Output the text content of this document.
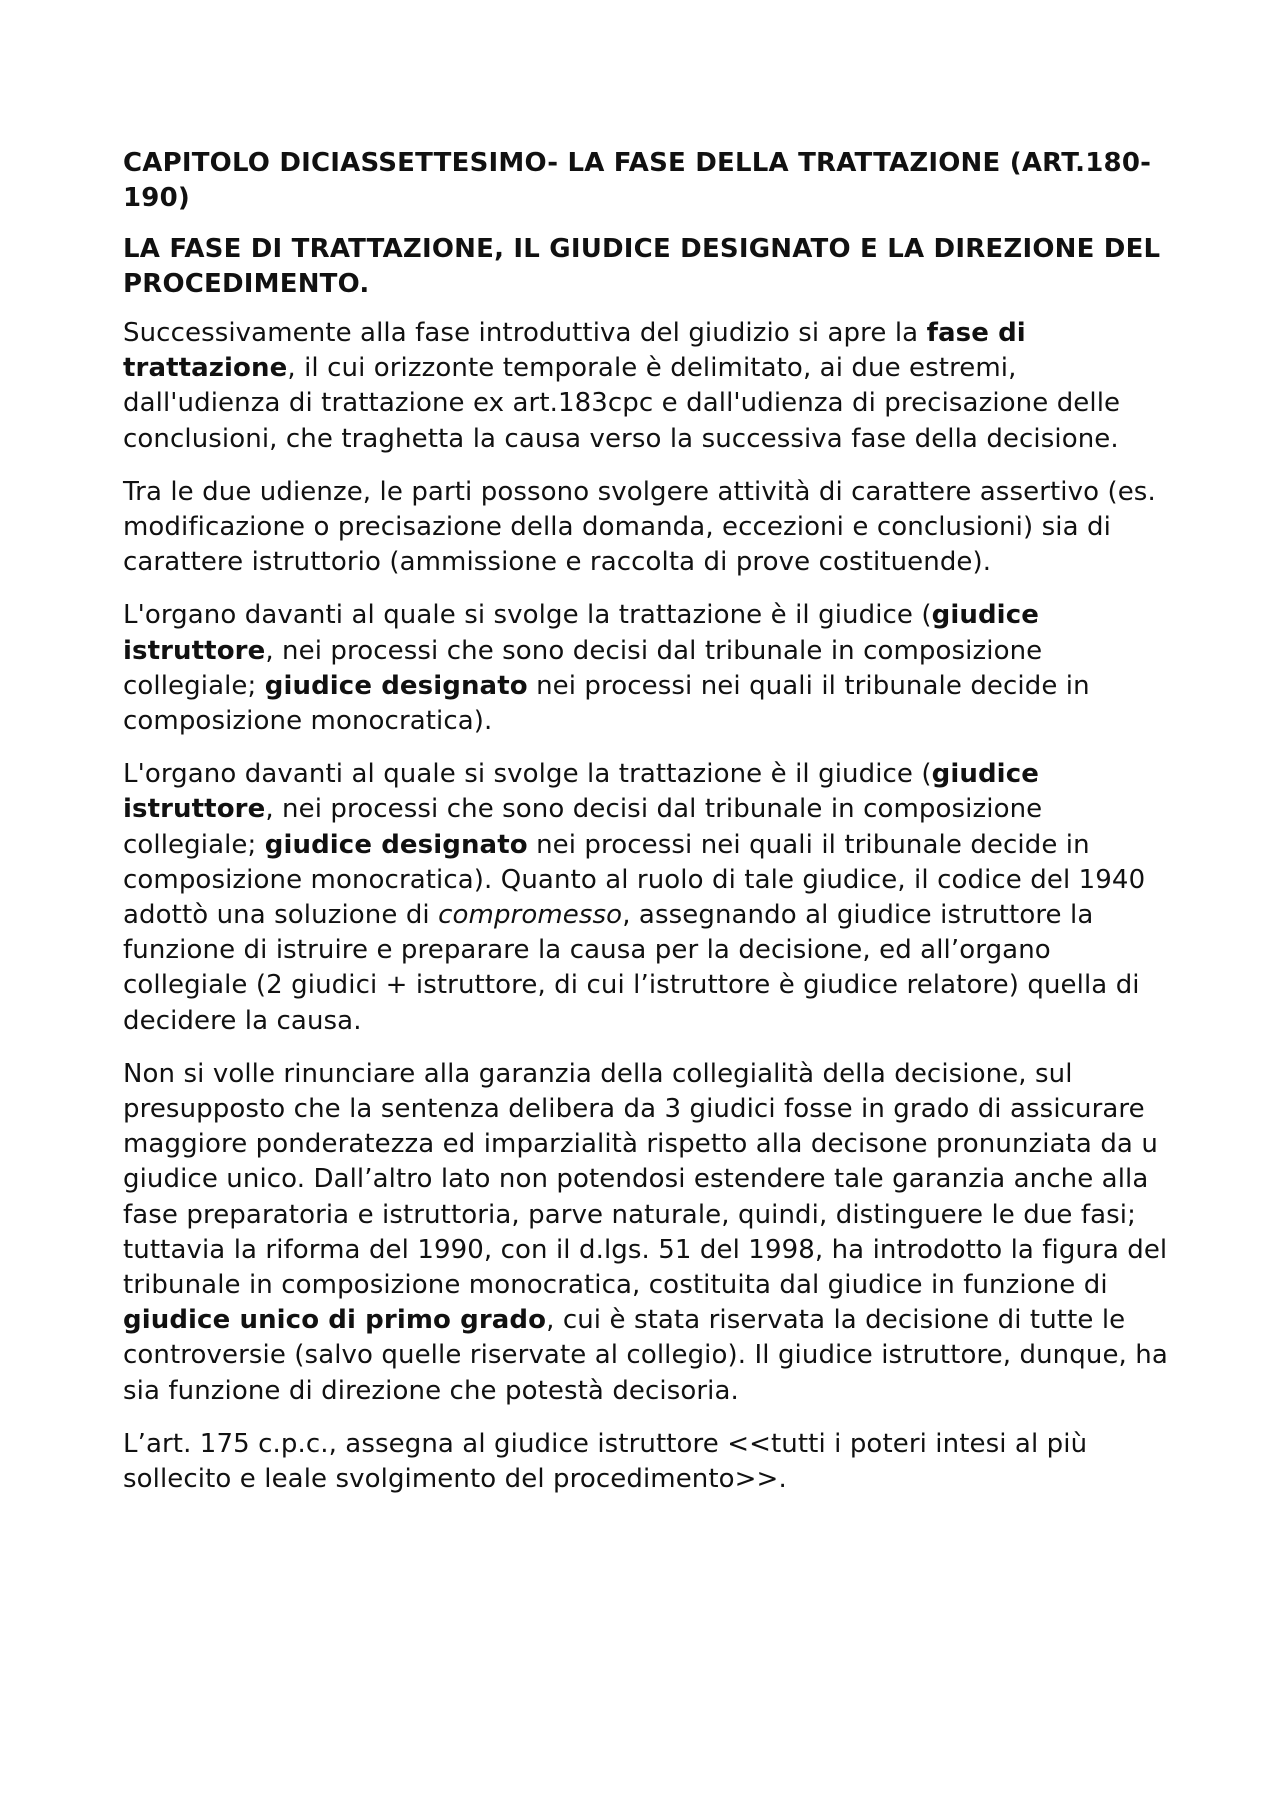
CAPITOLO DICIASSETTESIMO- LA FASE DELLA TRATTAZIONE (ART.180-190)
LA FASE DI TRATTAZIONE, IL GIUDICE DESIGNATO E LA DIREZIONE DEL PROCEDIMENTO.

Successivamente alla fase introduttiva del giudizio si apre la fase di trattazione, il cui orizzonte temporale è delimitato, ai due estremi, dall'udienza di trattazione ex art.183cpc e dall'udienza di precisazione delle conclusioni, che traghetta la causa verso la successiva fase della decisione.

Tra le due udienze, le parti possono svolgere attività di carattere assertivo (es. modificazione o precisazione della domanda, eccezioni e conclusioni) sia di carattere istruttorio (ammissione e raccolta di prove costituende).

L'organo davanti al quale si svolge la trattazione è il giudice (giudice istruttore, nei processi che sono decisi dal tribunale in composizione collegiale; giudice designato nei processi nei quali il tribunale decide in composizione monocratica).

L'organo davanti al quale si svolge la trattazione è il giudice (giudice istruttore, nei processi che sono decisi dal tribunale in composizione collegiale; giudice designato nei processi nei quali il tribunale decide in composizione monocratica). Quanto al ruolo di tale giudice, il codice del 1940 adottò una soluzione di compromesso, assegnando al giudice istruttore la funzione di istruire e preparare la causa per la decisione, ed all’organo collegiale (2 giudici + istruttore, di cui l’istruttore è giudice relatore) quella di decidere la causa.

Non si volle rinunciare alla garanzia della collegialità della decisione, sul presupposto che la sentenza delibera da 3 giudici fosse in grado di assicurare maggiore ponderatezza ed imparzialità rispetto alla decisone pronunziata da u giudice unico. Dall’altro lato non potendosi estendere tale garanzia anche alla fase preparatoria e istruttoria, parve naturale, quindi, distinguere le due fasi; tuttavia la riforma del 1990, con il d.lgs. 51 del 1998, ha introdotto la figura del tribunale in composizione monocratica, costituita dal giudice in funzione di giudice unico di primo grado, cui è stata riservata la decisione di tutte le controversie (salvo quelle riservate al collegio). Il giudice istruttore, dunque, ha sia funzione di direzione che potestà decisoria.

L’art. 175 c.p.c., assegna al giudice istruttore <<tutti i poteri intesi al più sollecito e leale svolgimento del procedimento>>.
